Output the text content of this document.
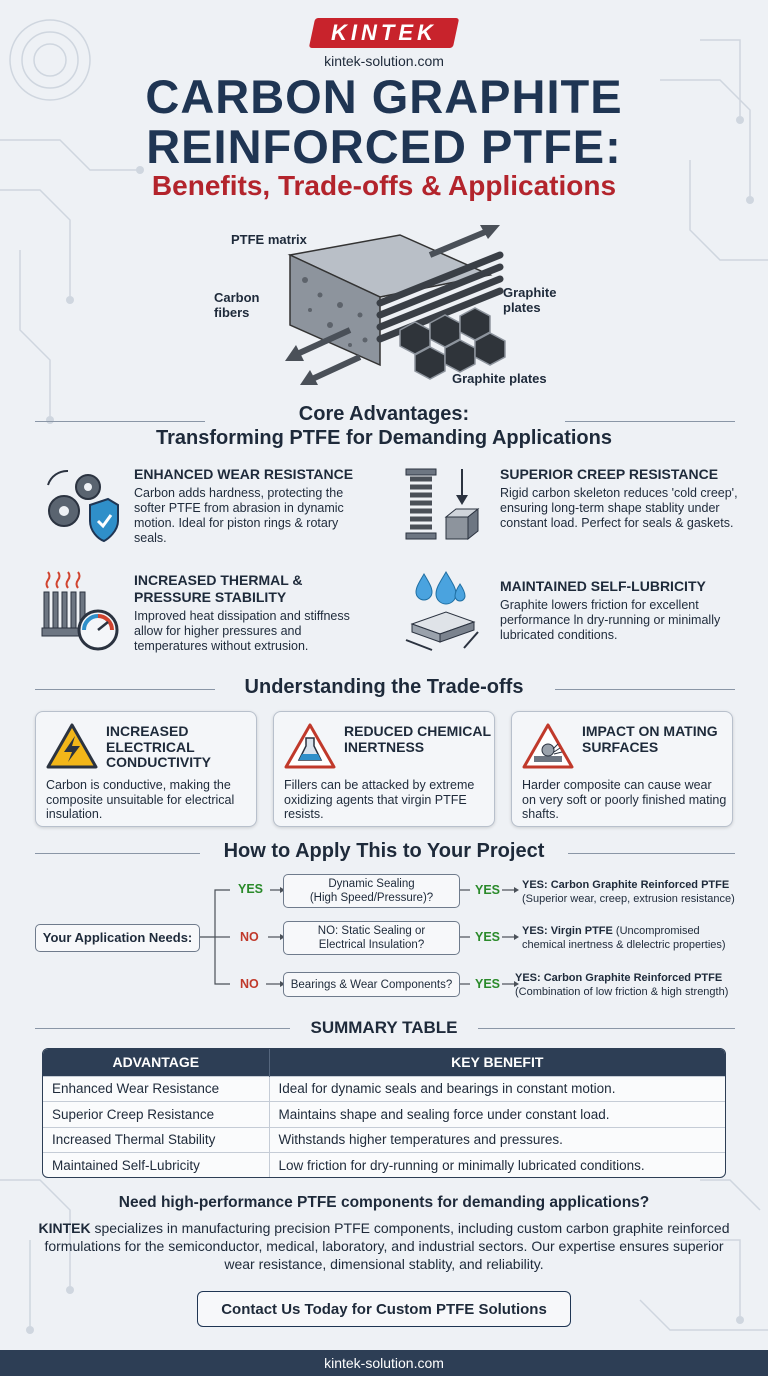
KINTEK
kintek-solution.com
CARBON GRAPHITE
REINFORCED PTFE:
Benefits, Trade-offs & Applications
PTFE matrix
Carbon
fibers
Graphite
plates
Graphite plates
Core Advantages:
Transforming PTFE for Demanding Applications
ENHANCED WEAR RESISTANCE
Carbon adds hardness, protecting the softer PTFE from abrasion in dynamic motion. Ideal for piston rings & rotary seals.
SUPERIOR CREEP RESISTANCE
Rigid carbon skeleton reduces 'cold creep', ensuring long-term shape stablity under constant load. Perfect for seals & gaskets.
INCREASED THERMAL & PRESSURE STABILITY
Improved heat dissipation and stiffness allow for higher pressures and temperatures without extrusion.
MAINTAINED SELF-LUBRICITY
Graphite lowers friction for excellent performance ln dry-running or minimally lubricated conditions.
Understanding the Trade-offs
INCREASED ELECTRICAL CONDUCTIVITY
Carbon is conductive, making the composite unsuitable for electrical insulation.
REDUCED CHEMICAL INERTNESS
Fillers can be attacked by extreme oxidizing agents that virgin PTFE resists.
IMPACT ON MATING SURFACES
Harder composite can cause wear on very soft or poorly finished mating shafts.
How to Apply This to Your Project
Your Application Needs:
YES
NO
NO
Dynamic Sealing
(High Speed/Pressure)?
NO: Static Sealing or
Electrical Insulation?
Bearings & Wear Components?
YES
YES
YES
YES: Carbon Graphite Reinforced PTFE
(Superior wear, creep, extrusion resistance)
YES: Virgin PTFE (Uncompromised
chemical inertness & dlelectric properties)
YES: Carbon Graphite Reinforced PTFE
(Combination of low friction & high strength)
SUMMARY TABLE
ADVANTAGE	KEY BENEFIT
Enhanced Wear Resistance	Ideal for dynamic seals and bearings in constant motion.
Superior Creep Resistance	Maintains shape and sealing force under constant load.
Increased Thermal Stability	Withstands higher temperatures and pressures.
Maintained Self-Lubricity	Low friction for dry-running or minimally lubricated conditions.
Need high-performance PTFE components for demanding applications?
KINTEK specializes in manufacturing precision PTFE components, including custom carbon graphite reinforced formulations for the semiconductor, medical, laboratory, and industrial sectors. Our expertise ensures superior wear resistance, dimensional stablity, and reliability.
Contact Us Today for Custom PTFE Solutions
kintek-solution.com
